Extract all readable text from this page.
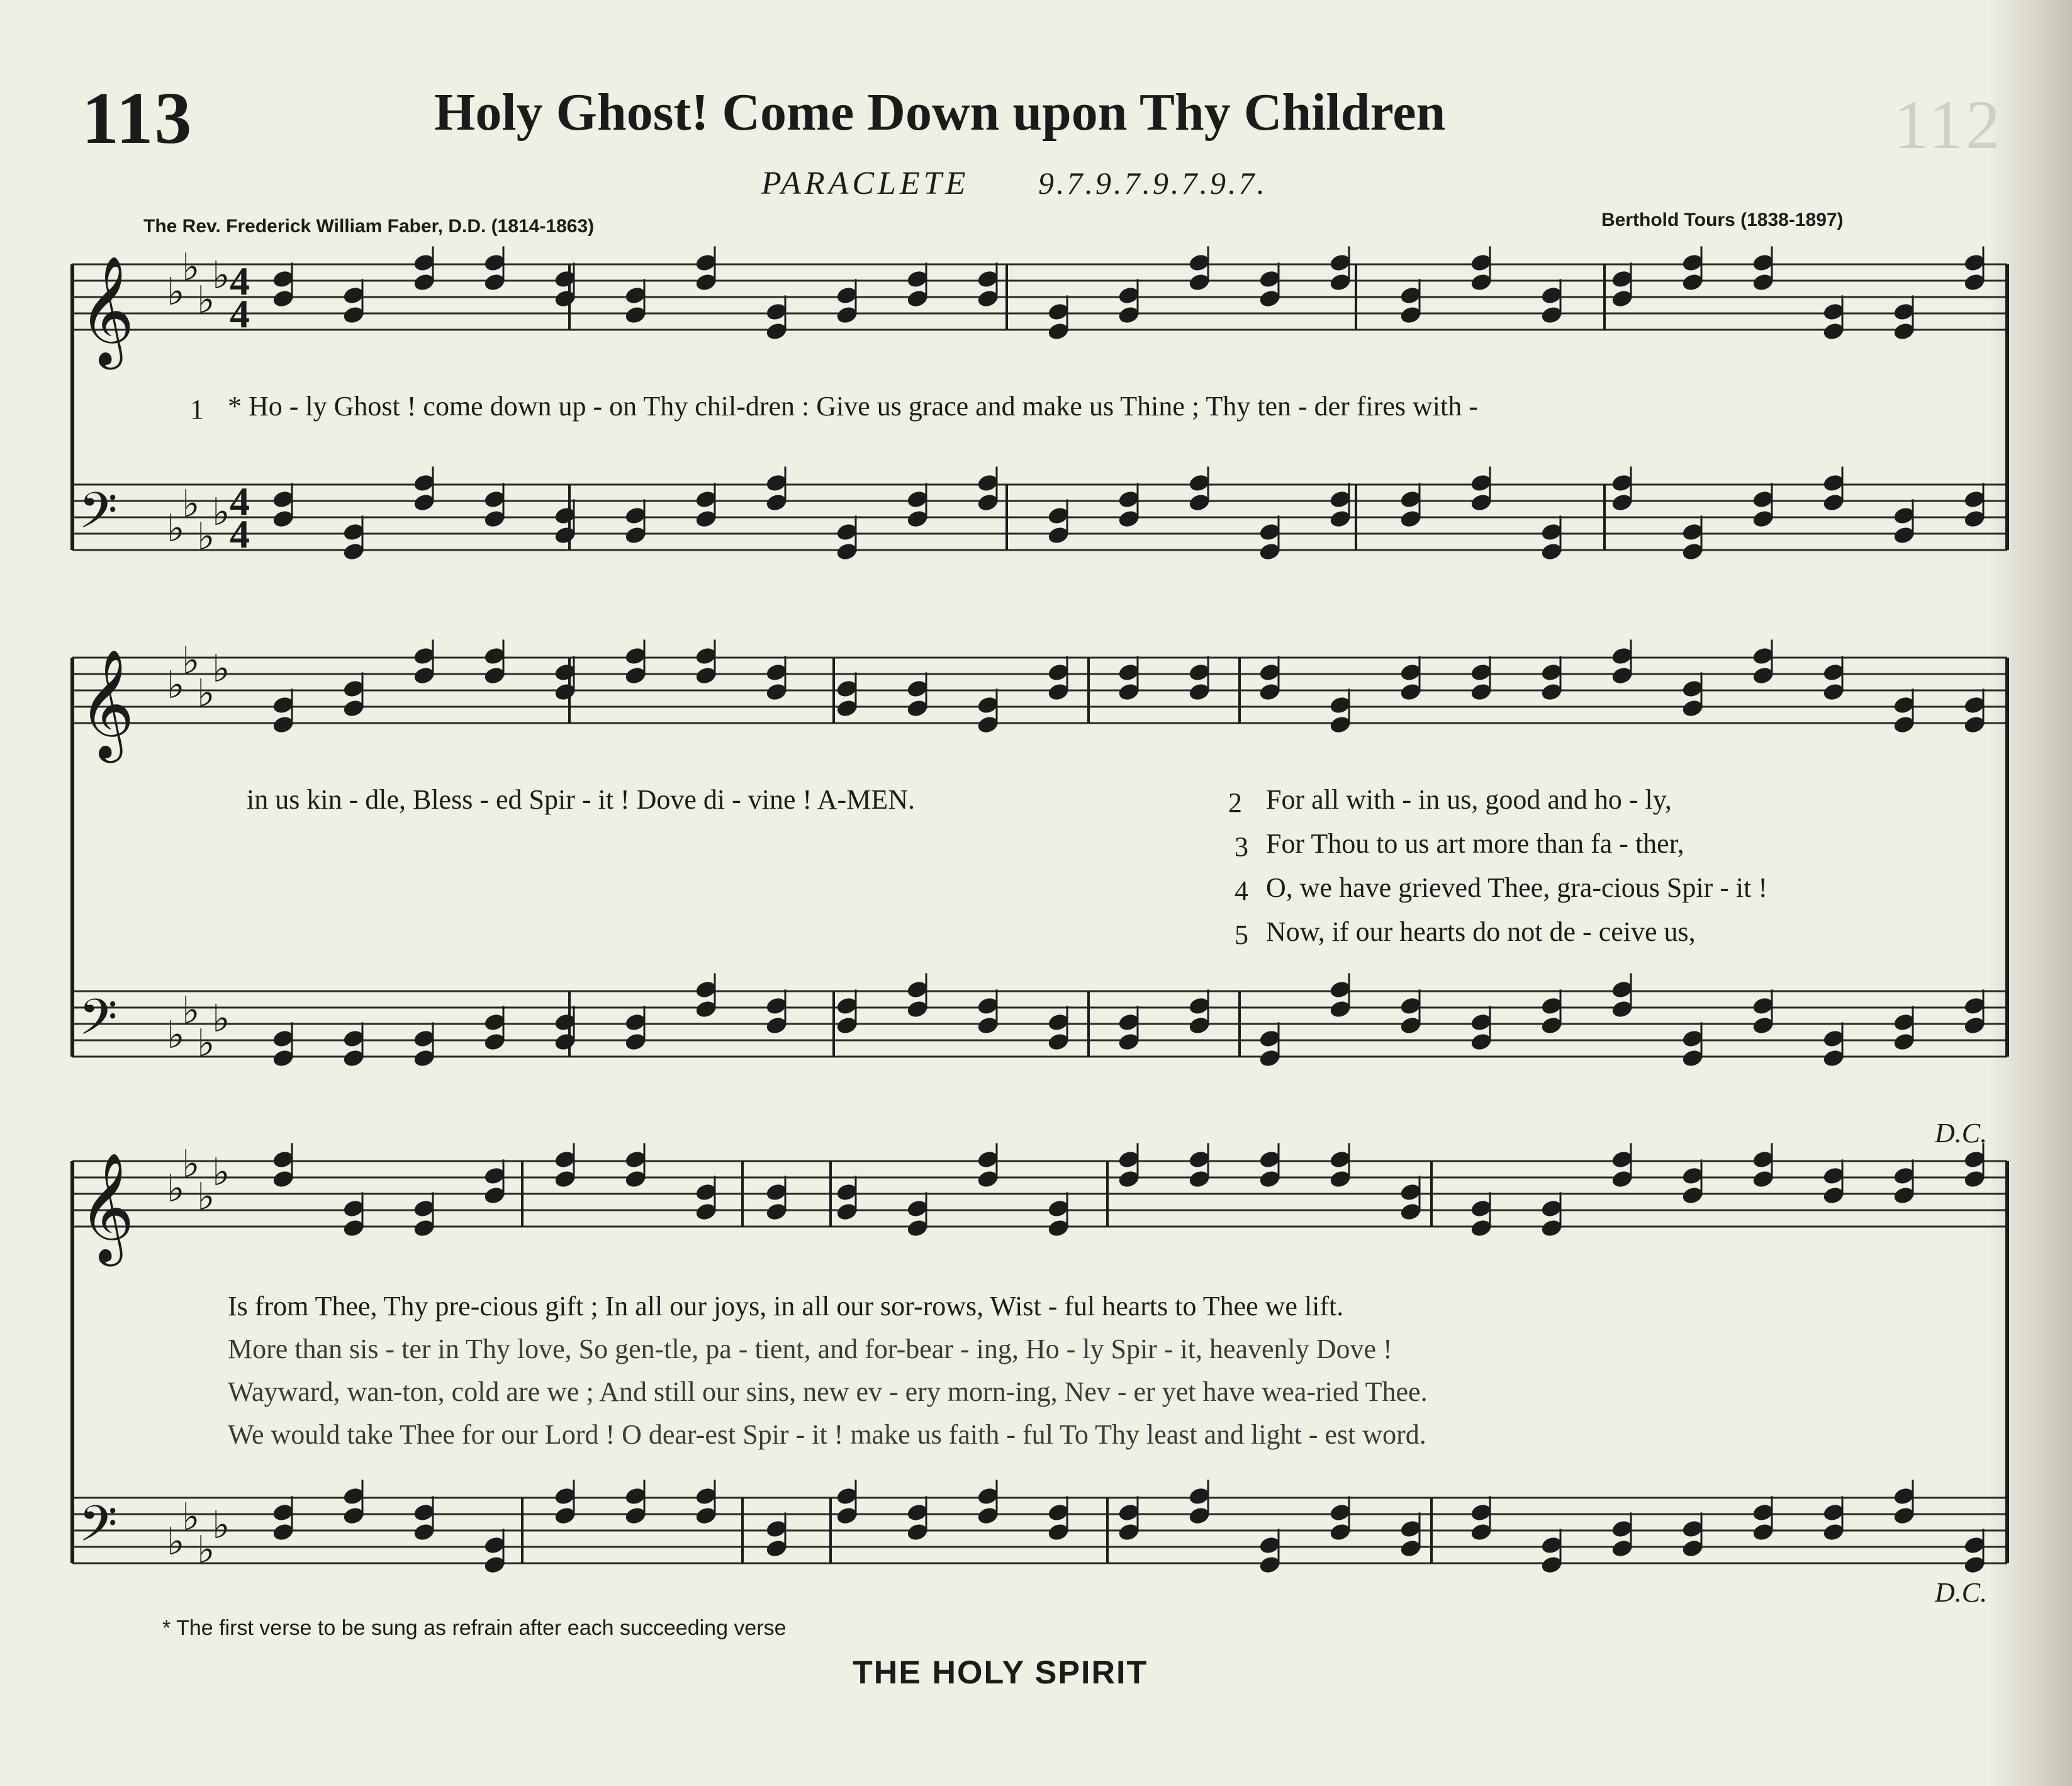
112
113	Holy Ghost! Come Down upon Thy Children
PARACLETE 9.7.9.7.9.7.9.7.
The Rev. Frederick William Faber, D.D. (1814-1863)	Berthold Tours (1838-1897)
𝄞 ♭
♭
♭
♭ 4
4
𝄢 ♭
♭
♭
♭ 4
4
𝄞 ♭
♭
♭
♭
𝄢 ♭
♭
♭
♭
𝄞 ♭
♭
♭
♭
𝄢 ♭
♭
♭
♭
1 * Ho - ly Ghost ! come down up - on Thy chil-dren : Give us grace and make us Thine ; Thy ten - der fires with -
in us kin - dle, Bless - ed Spir - it ! Dove di - vine ! A-MEN.	2 For all with - in us, good and ho - ly,
3 For Thou to us art more than fa - ther,
4 O, we have grieved Thee, gra-cious Spir - it !
5 Now, if our hearts do not de - ceive us,
D.C.
Is from Thee, Thy pre-cious gift ; In all our joys, in all our sor-rows, Wist - ful hearts to Thee we lift.
More than sis - ter in Thy love, So gen-tle, pa - tient, and for-bear - ing, Ho - ly Spir - it, heavenly Dove !
Wayward, wan-ton, cold are we ; And still our sins, new ev - ery morn-ing, Nev - er yet have wea-ried Thee.
We would take Thee for our Lord ! O dear-est Spir - it ! make us faith - ful To Thy least and light - est word.
D.C.
* The first verse to be sung as refrain after each succeeding verse
THE HOLY SPIRIT
